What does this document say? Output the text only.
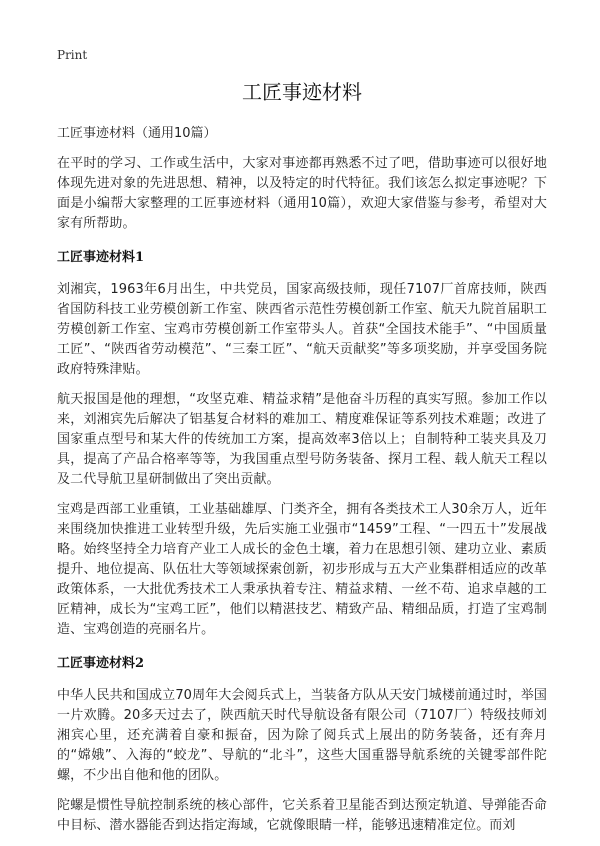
Print
工匠事迹材料
工匠事迹材料（通用10篇）

在平时的学习、工作或生活中，大家对事迹都再熟悉不过了吧，借助事迹可以很好地体现先进对象的先进思想、精神，以及特定的时代特征。我们该怎么拟定事迹呢？下面是小编帮大家整理的工匠事迹材料（通用10篇），欢迎大家借鉴与参考，希望对大家有所帮助。

工匠事迹材料1

刘湘宾，1963年6月出生，中共党员，国家高级技师，现任7107厂首席技师，陕西省国防科技工业劳模创新工作室、陕西省示范性劳模创新工作室、航天九院首届职工劳模创新工作室、宝鸡市劳模创新工作室带头人。首获“全国技术能手”、“中国质量工匠”、“陕西省劳动模范”、“三秦工匠”、“航天贡献奖”等多项奖励，并享受国务院政府特殊津贴。

航天报国是他的理想，“攻坚克难、精益求精”是他奋斗历程的真实写照。参加工作以来，刘湘宾先后解决了铝基复合材料的难加工、精度难保证等系列技术难题；改进了国家重点型号和某大件的传统加工方案，提高效率3倍以上；自制特种工装夹具及刀具，提高了产品合格率等等，为我国重点型号防务装备、探月工程、载人航天工程以及二代导航卫星研制做出了突出贡献。

宝鸡是西部工业重镇，工业基础雄厚、门类齐全，拥有各类技术工人30余万人，近年来围绕加快推进工业转型升级，先后实施工业强市“1459”工程、“一四五十”发展战略。始终坚持全力培育产业工人成长的金色土壤，着力在思想引领、建功立业、素质提升、地位提高、队伍壮大等领域探索创新，初步形成与五大产业集群相适应的改革政策体系，一大批优秀技术工人秉承执着专注、精益求精、一丝不苟、追求卓越的工匠精神，成长为“宝鸡工匠”，他们以精湛技艺、精致产品、精细品质，打造了宝鸡制造、宝鸡创造的亮丽名片。

工匠事迹材料2

中华人民共和国成立70周年大会阅兵式上，当装备方队从天安门城楼前通过时，举国一片欢腾。20多天过去了，陕西航天时代导航设备有限公司（7107厂）特级技师刘湘宾心里，还充满着自豪和振奋，因为除了阅兵式上展出的防务装备，还有奔月的“嫦娥”、入海的“蛟龙”、导航的“北斗”，这些大国重器导航系统的关键零部件陀螺，不少出自他和他的团队。

陀螺是惯性导航控制系统的核心部件，它关系着卫星能否到达预定轨道、导弹能否命中目标、潜水器能否到达指定海域，它就像眼睛一样，能够迅速精准定位。而刘
